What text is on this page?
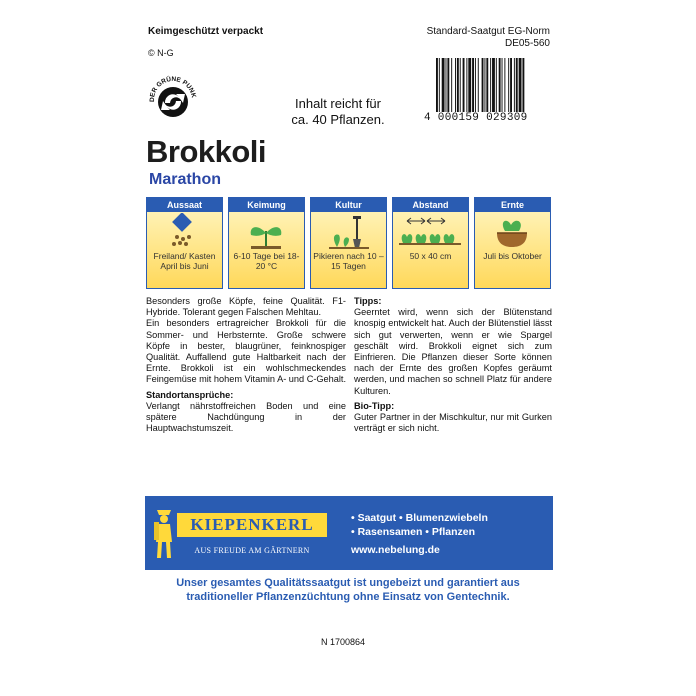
Keimgeschützt verpackt
© N-G
Standard-Saatgut EG-Norm
DE05-560
DER GRÜNE PUNK
Inhalt reicht für ca. 40 Pflanzen.	4 000159 029309
Brokkoli
Marathon
Aussaat
Freiland/ Kasten April bis Juni
Keimung
6-10 Tage bei 18-20 °C
Kultur
Pikieren nach 10 – 15 Tagen
Abstand
50 x 40 cm
Ernte
Juli bis Oktober

Besonders große Köpfe, feine Qualität. F1-Hybride. Tolerant gegen Falschen Mehltau.

Ein besonders ertragreicher Brokkoli für die Sommer- und Herbsternte. Große schwere Köpfe in bester, blaugrüner, feinknospiger Qualität. Auffallend gute Haltbarkeit nach der Ernte. Brokkoli ist ein wohlschmeckendes Feingemüse mit hohem Vitamin A- und C-Gehalt.

Standortansprüche:

Verlangt nährstoffreichen Boden und eine spätere Nachdüngung in der Hauptwachstumszeit.

Tipps:

Geerntet wird, wenn sich der Blütenstand knospig entwickelt hat. Auch der Blütenstiel lässt sich gut verwerten, wenn er wie Spargel geschält wird. Brokkoli eignet sich zum Einfrieren. Die Pflanzen dieser Sorte können nach der Ernte des großen Kopfes geräumt werden, und machen so schnell Platz für andere Kulturen.

Bio-Tipp:

Guter Partner in der Mischkultur, nur mit Gurken verträgt er sich nicht.

KIEPENKERL
AUS FREUDE AM GÄRTNERN
• Saatgut • Blumenzwiebeln
• Rasensamen • Pflanzen
www.nebelung.de
Unser gesamtes Qualitätssaatgut ist ungebeizt und garantiert aus traditioneller Pflanzenzüchtung ohne Einsatz von Gentechnik.
N 1700864
